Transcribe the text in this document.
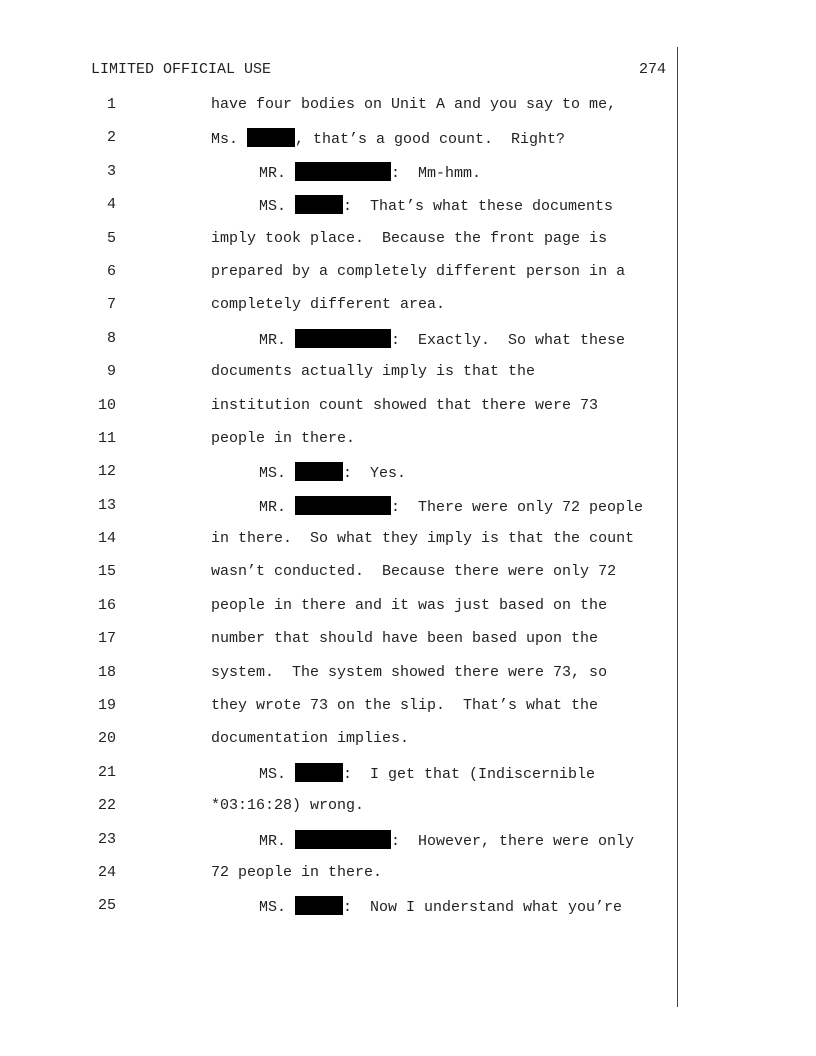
LIMITED OFFICIAL USE	274
1	have four bodies on Unit A and you say to me,
2	Ms.	, that’s a good count.  Right?
3	MR.	:  Mm-hmm.
4	MS.	:  That’s what these documents
5	imply took place.  Because the front page is
6	prepared by a completely different person in a
7	completely different area.
8	MR.	:  Exactly.  So what these
9	documents actually imply is that the
10	institution count showed that there were 73
11	people in there.
12	MS.	:  Yes.
13	MR.	:  There were only 72 people
14	in there.  So what they imply is that the count
15	wasn’t conducted.  Because there were only 72
16	people in there and it was just based on the
17	number that should have been based upon the
18	system.  The system showed there were 73, so
19	they wrote 73 on the slip.  That’s what the
20	documentation implies.
21	MS.	:  I get that (Indiscernible
22	*03:16:28) wrong.
23	MR.	:  However, there were only
24	72 people in there.
25	MS.	:  Now I understand what you’re
